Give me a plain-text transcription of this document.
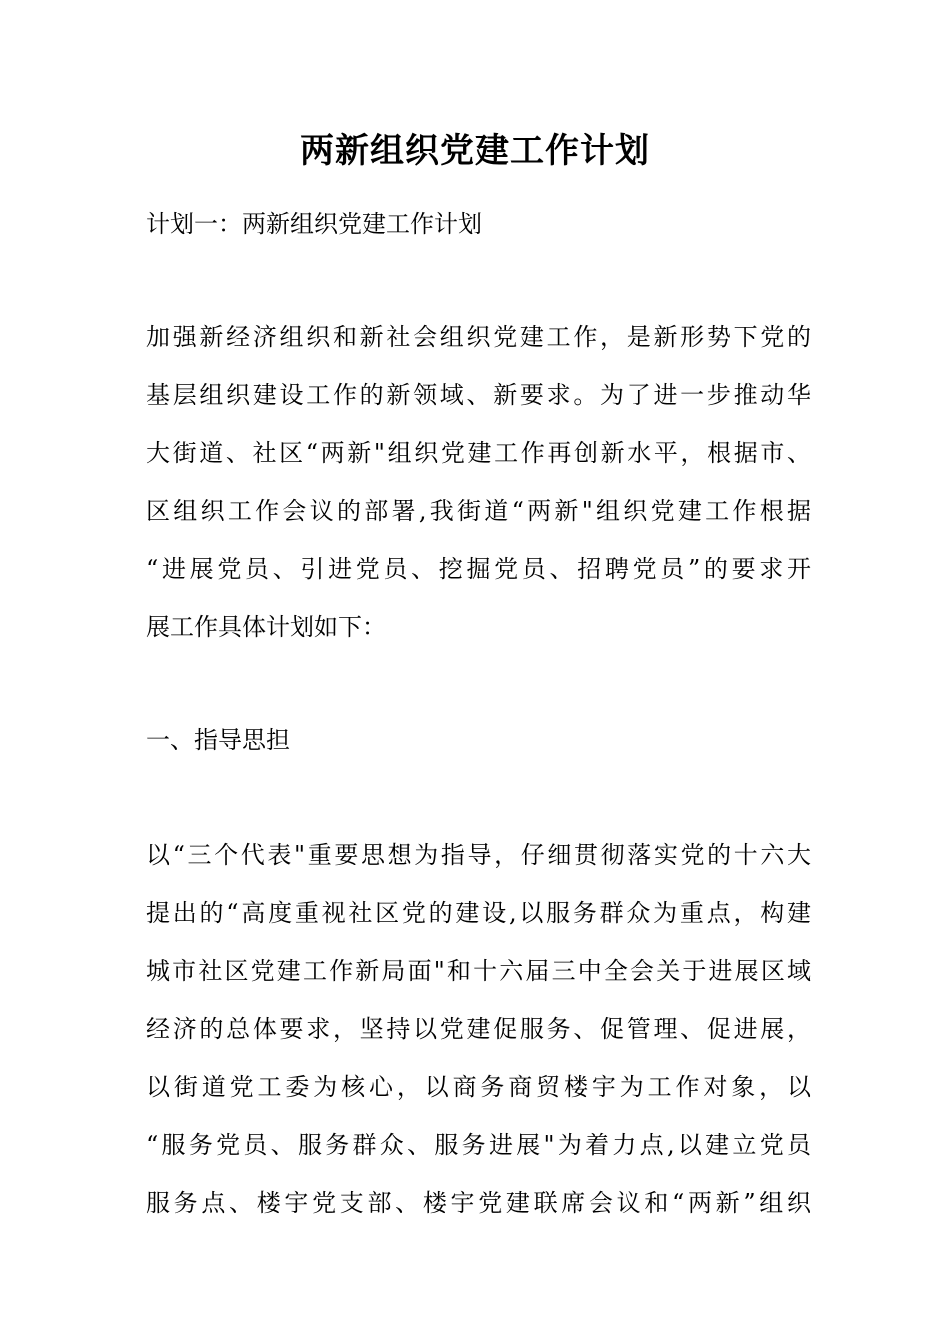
两新组织党建工作计划
计划一：两新组织党建工作计划
加强新经济组织和新社会组织党建工作，是新形势下党的
基层组织建设工作的新领域、新要求。为了进一步推动华
大街道、社区“两新"组织党建工作再创新水平，根据市、
区组织工作会议的部署,我街道“两新"组织党建工作根据
“进展党员、引进党员、挖掘党员、招聘党员”的要求开
展工作具体计划如下：
一、指导思担
以“三个代表"重要思想为指导，仔细贯彻落实党的十六大
提出的“高度重视社区党的建设,以服务群众为重点，构建
城市社区党建工作新局面"和十六届三中全会关于进展区域
经济的总体要求，坚持以党建促服务、促管理、促进展，
以街道党工委为核心，以商务商贸楼宇为工作对象，以
“服务党员、服务群众、服务进展"为着力点,以建立党员
服务点、楼宇党支部、楼宇党建联席会议和“两新”组织
